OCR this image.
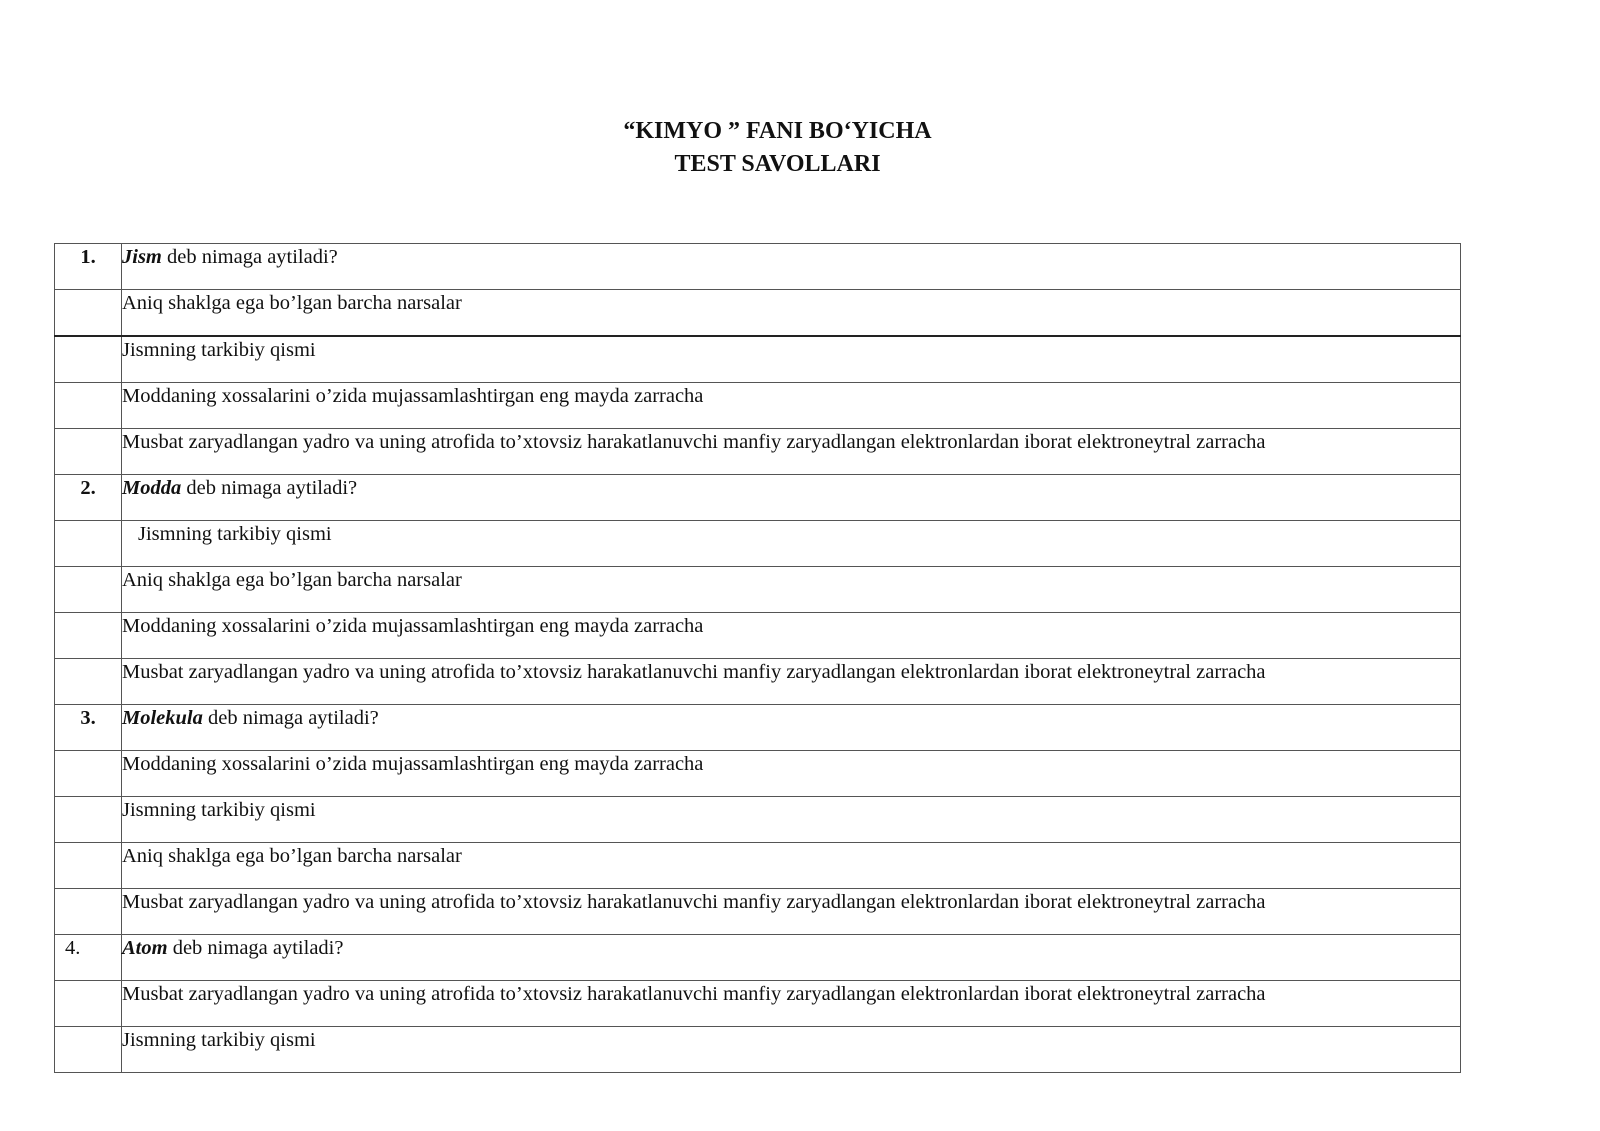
“KIMYO ” FANI BO‘YICHA
TEST SAVOLLARI
1.	Jism deb nimaga aytiladi?
	Aniq shaklga ega bo’lgan barcha narsalar
	Jismning tarkibiy qismi
	Moddaning xossalarini o’zida mujassamlashtirgan eng mayda zarracha
	Musbat zaryadlangan yadro va uning atrofida to’xtovsiz harakatlanuvchi manfiy zaryadlangan elektronlardan iborat elektroneytral zarracha
2.	Modda deb nimaga aytiladi?
	Jismning tarkibiy qismi
	Aniq shaklga ega bo’lgan barcha narsalar
	Moddaning xossalarini o’zida mujassamlashtirgan eng mayda zarracha
	Musbat zaryadlangan yadro va uning atrofida to’xtovsiz harakatlanuvchi manfiy zaryadlangan elektronlardan iborat elektroneytral zarracha
3.	Molekula deb nimaga aytiladi?
	Moddaning xossalarini o’zida mujassamlashtirgan eng mayda zarracha
	Jismning tarkibiy qismi
	Aniq shaklga ega bo’lgan barcha narsalar
	Musbat zaryadlangan yadro va uning atrofida to’xtovsiz harakatlanuvchi manfiy zaryadlangan elektronlardan iborat elektroneytral zarracha
4.	Atom deb nimaga aytiladi?
	Musbat zaryadlangan yadro va uning atrofida to’xtovsiz harakatlanuvchi manfiy zaryadlangan elektronlardan iborat elektroneytral zarracha
	Jismning tarkibiy qismi
